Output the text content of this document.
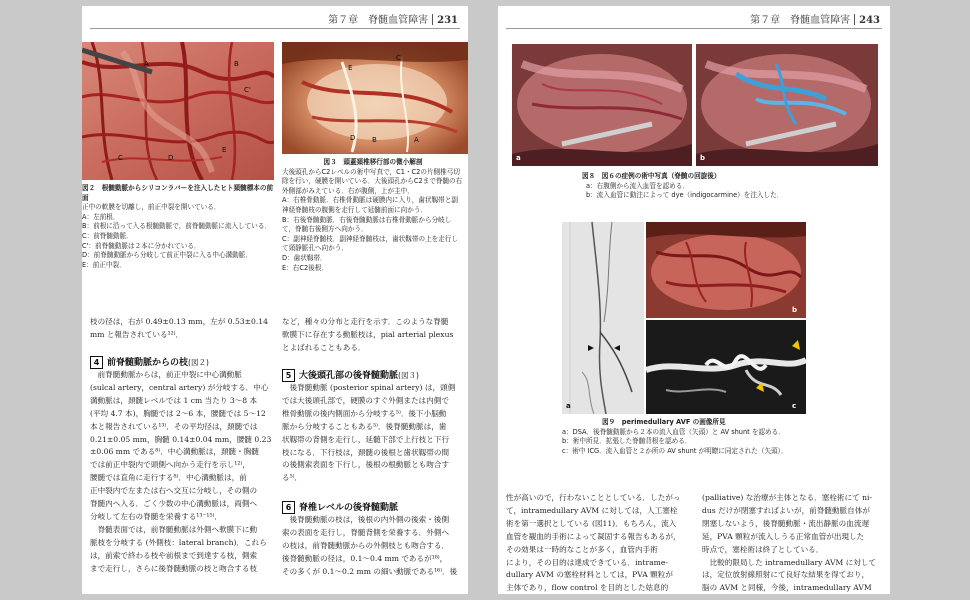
第７章　脊髄血管障害 231
A	B
C
C'
D
E
A
B
C
D
E
図２　根髄動脈からシリコンラバーを注入したヒト頚髄標本の前面
正中の軟膜を切離し，前正中裂を開いている．
A：左前根．
B：前根に沿って入る根髄動脈で，前脊髄動脈に流入している．
C：前脊髄動脈．
C'：前脊髄動脈は２本に分かれている．
D：前脊髄動脈から分岐して前正中裂に入る中心溝動脈．
E：前正中裂．
図３　頭蓋頚椎移行部の微小解剖
大後頭孔からC2レベルの術中写真で，C1・C2の片側椎弓切除を行い，硬膜を開いている．大後頭孔からC2まで脊髄の右外側部がみえている．右が腹側，上が主中．
A：右椎骨動脈．右椎骨動脈は硬膜内に入り，歯状靱帯と副神経脊髄枝の腹側を走行して延髄前面に向かう．
B：右後脊髄動脈．右後脊髄動脈は右椎骨動脈から分岐して，脊髄右後側方へ向かう．
C：副神経脊髄枝．副神経脊髄枝は，歯状靱帯の上を走行して頸静脈孔へ向かう．
D：歯状靱帯．
E：右C2後根．
枝の径は，右が 0.49±0.13 mm，左が 0.53±0.14
mm と報告されている¹²⁾．
4 前脊髄動脈からの枝(図２)
　前脊髄動脈からは，前正中裂に中心溝動脈
(sulcal artery，central artery) が分岐する．中心
溝動脈は，頚髄レベルでは 1 cm 当たり 3〜8 本
(平均 4.7 本)，胸髄では 2〜6 本，腰髄では 5〜12
本と報告されている¹³⁾．その平均径は，頚髄では
0.21±0.05 mm，胸髄 0.14±0.04 mm，腰髄 0.23
±0.06 mm である⁸⁾．中心溝動脈は，頚髄・胸髄
では前正中裂内で頭側へ向かう走行を示し¹²⁾，
腰髄では直角に走行する⁸⁾．中心溝動脈は，前
正中裂内で左または右へ交互に分岐し，その側の
脊髄内へ入る．ごく少数の中心溝動脈は，両側へ
分岐して左右の脊髄を栄養する¹³⁻¹⁵⁾．
　脊髄表面では，前脊髄動脈は外側へ軟膜下に動
脈枝を分岐する (外側枝：lateral branch)．これら
は，前索で終わる枝や前根まで到達する枝，側索
まで走行し，さらに後脊髄動脈の枝と吻合する枝
など，種々の分布と走行を示す．このような脊髄
軟膜下に存在する動脈枝は，pial arterial plexus
とよばれることもある．
5 大後頭孔部の後脊髄動脈(図３)
　後脊髄動脈 (posterior spinal artery) は，頭側
では大後頭孔部で，硬膜のすぐ外側または内側で
椎骨動脈の後内側面から分岐する⁵⁾．後下小脳動
脈から分岐することもある⁵⁾．後脊髄動脈は，歯
状靱帯の背側を走行し，延髄下部で上行枝と下行
枝になる．下行枝は，頚髄の後根と歯状靱帯の間
の後側索表面を下行し，後根の根動脈とも吻合す
る⁵⁾．
6 脊椎レベルの後脊髄動脈
　後脊髄動脈の枝は，後根の内外側の後索・後側
索の表面を走行し，脊髄背側を栄養する．外側へ
の枝は，前脊髄動脈からの外側枝とも吻合する．
後脊髄動脈の径は，0.1〜0.4 mm であるが¹⁸⁾，
その多くが 0.1〜0.2 mm の細い動脈である¹⁶⁾．後
第７章　脊髄血管障害 243
a	b
図８　図６の症例の術中写真（脊髄の回旋後）
a：右腹側から流入血管を認める．
b：流入血管に動注によって dye（indigocarmine）を注入した．
a
b
c
図９　perimedullary AVF の画像所見
a：DSA．後脊髄動脈から２本の流入血管（矢頭）と AV shunt を認める．
b：術中所見．拡張した脊髄背根を認める．
c：術中 ICG．流入血管と２か所の AV shunt が明瞭に同定された（矢頭）．
性が高いので，行わないこととしている．したがっ
て，intramedullary AVM に対しては，人工塞栓
術を第一選択としている (図11)．もちろん，流入
血管を観血的手術によって凝固する報告もあるが，
その効果は一時的なことが多く，血管内手術
により，その目的は達成できている．intrame-
dullary AVM の塞栓材料としては，PVA 顆粒が
主体であり，flow control を目的とした姑息的
(palliative) な治療が主体となる．塞栓術にて ni-
dus だけが閉塞すればよいが，前脊髄動脈自体が
閉塞しないよう，後脊髄動脈・流出静脈の血流遅
延，PVA 顆粒が流入しうる正常血管が出現した
時点で，塞栓術は終了としている．
　比較的限局した intramedullary AVM に対して
は，定位放射線照射にて良好な結果を得ており，
脳の AVM と同様，今後，intramedullary AVM
